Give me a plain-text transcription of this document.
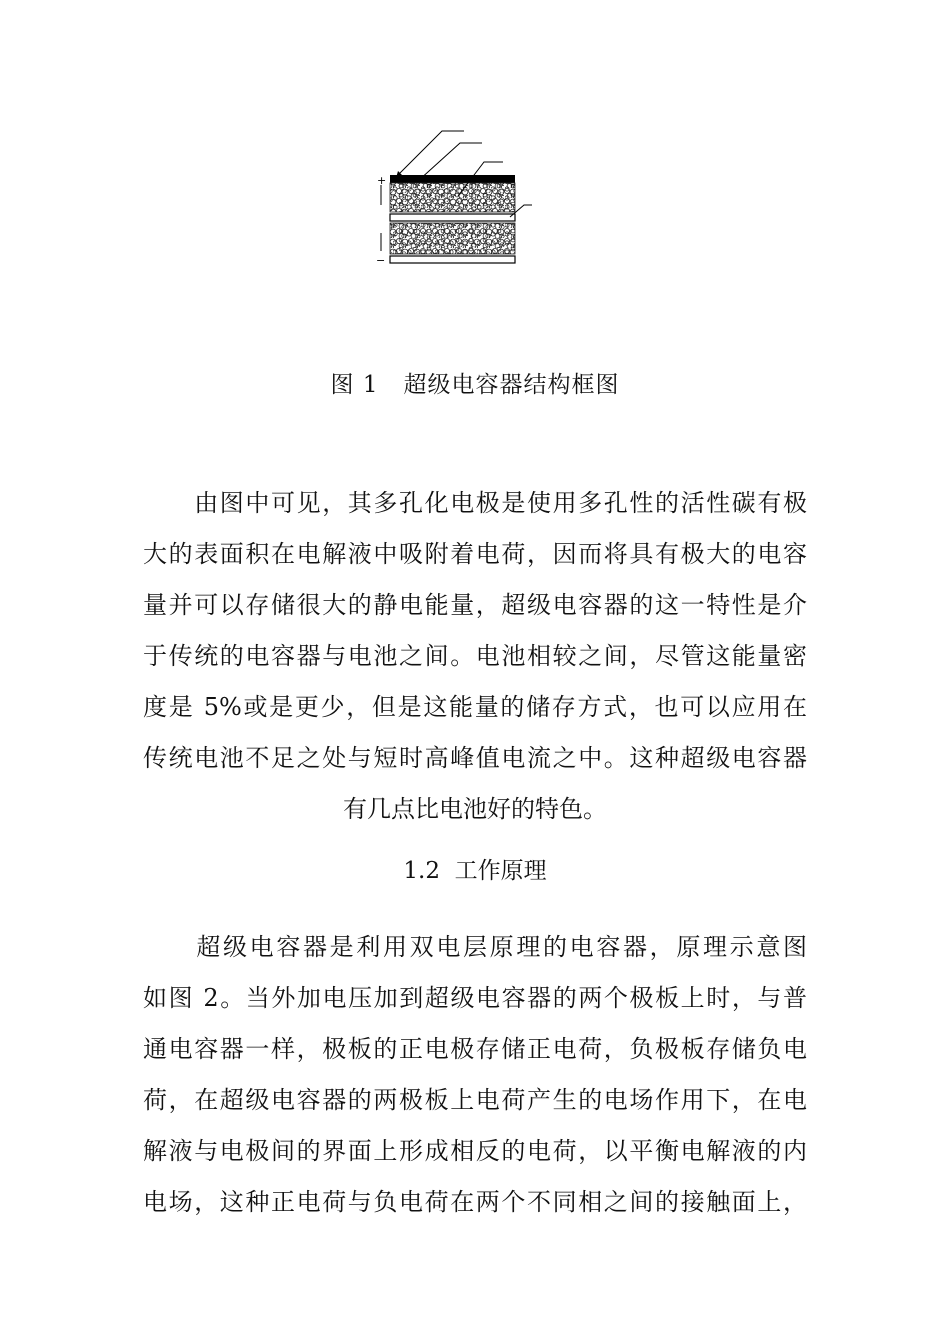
+
−
图 1 超级电容器结构框图
　　由图中可见，其多孔化电极是使用多孔性的活性碳有极
大的表面积在电解液中吸附着电荷，因而将具有极大的电容
量并可以存储很大的静电能量，超级电容器的这一特性是介
于传统的电容器与电池之间。电池相较之间，尽管这能量密
度是 5%或是更少，但是这能量的储存方式，也可以应用在
传统电池不足之处与短时高峰值电流之中。这种超级电容器
有几点比电池好的特色。
1.2 工作原理
　　超级电容器是利用双电层原理的电容器，原理示意图
如图 2。当外加电压加到超级电容器的两个极板上时，与普
通电容器一样，极板的正电极存储正电荷，负极板存储负电
荷，在超级电容器的两极板上电荷产生的电场作用下，在电
解液与电极间的界面上形成相反的电荷，以平衡电解液的内
电场，这种正电荷与负电荷在两个不同相之间的接触面上，
